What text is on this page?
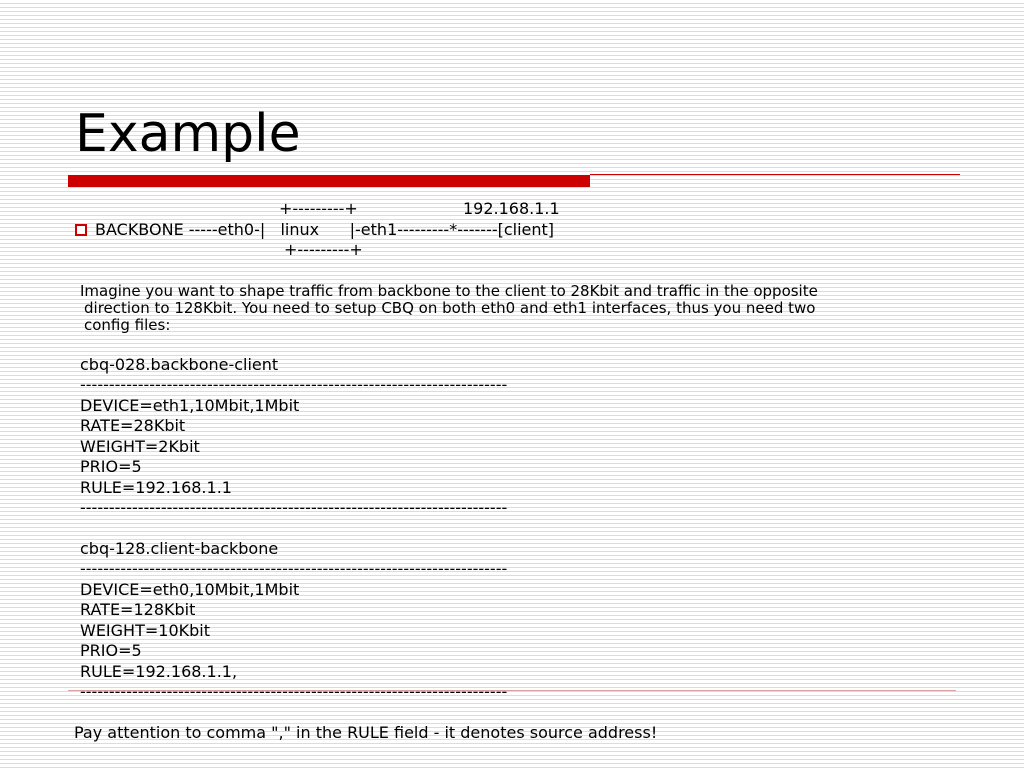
Example
+---------+	192.168.1.1
BACKBONE -----eth0-|   linux      |-eth1---------*-------[client]
+---------+
Imagine you want to shape traffic from backbone to the client to 28Kbit and traffic in the opposite
direction to 128Kbit. You need to setup CBQ on both eth0 and eth1 interfaces, thus you need two
config files:
cbq-028.backbone-client
--------------------------------------------------------------------------
DEVICE=eth1,10Mbit,1Mbit
RATE=28Kbit
WEIGHT=2Kbit
PRIO=5
RULE=192.168.1.1
--------------------------------------------------------------------------
cbq-128.client-backbone
--------------------------------------------------------------------------
DEVICE=eth0,10Mbit,1Mbit
RATE=128Kbit
WEIGHT=10Kbit
PRIO=5
RULE=192.168.1.1,
--------------------------------------------------------------------------
Pay attention to comma "," in the RULE field - it denotes source address!
